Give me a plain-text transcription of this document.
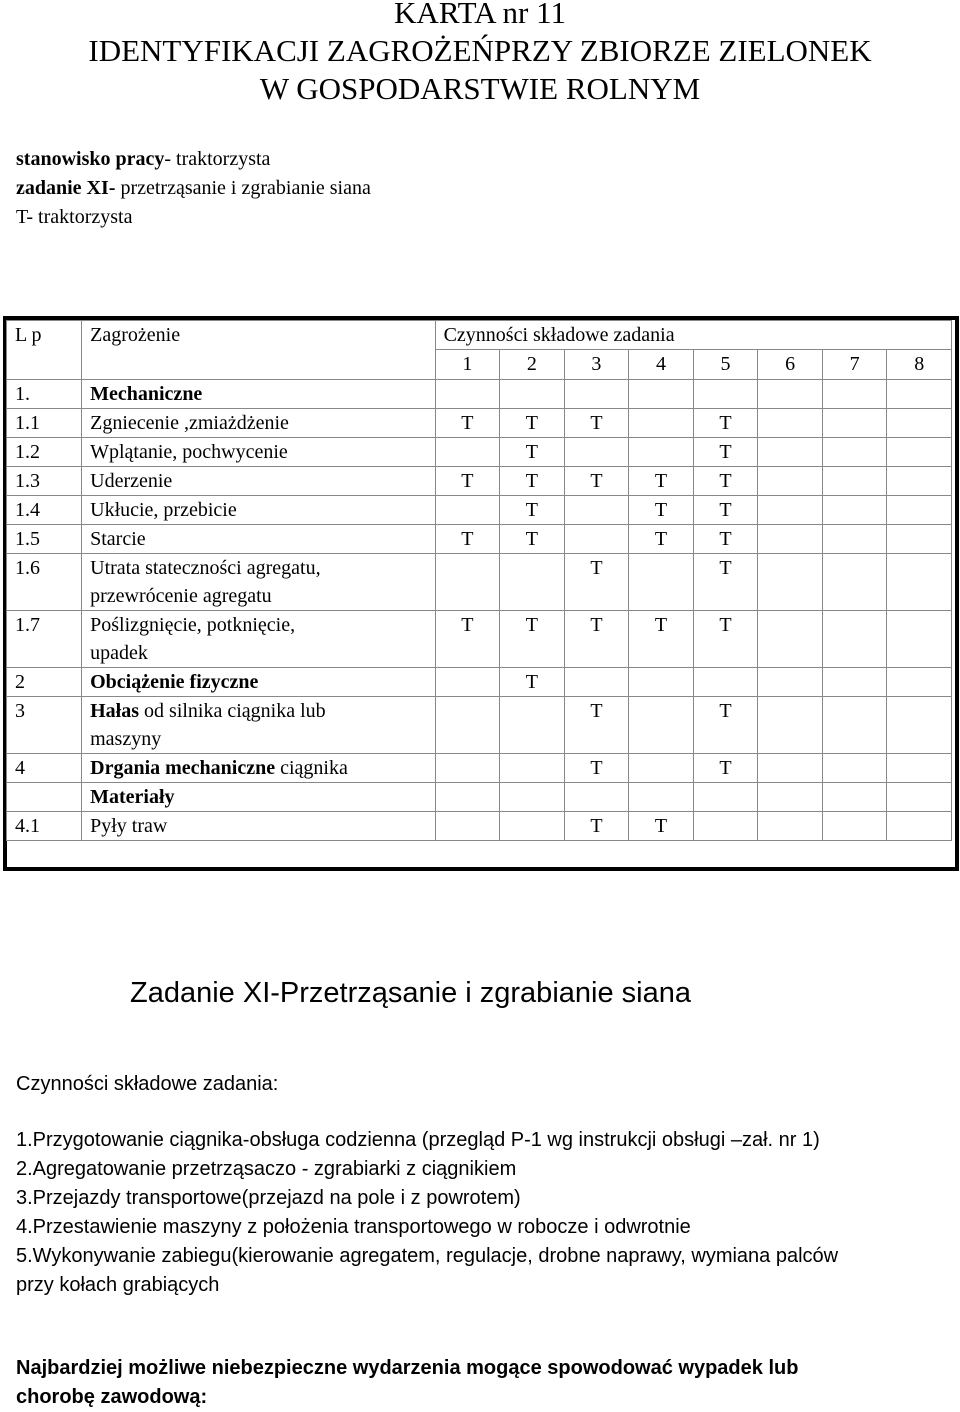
KARTA nr 11
IDENTYFIKACJI ZAGROŻEŃPRZY ZBIORZE ZIELONEK
W GOSPODARSTWIE ROLNYM
stanowisko pracy- traktorzysta
zadanie XI- przetrząsanie i zgrabianie siana
T- traktorzysta
L p	Zagrożenie	Czynności składowe zadania							
		1	2	3	4	5	6	7	8
1.	Mechaniczne								
1.1	Zgniecenie ,zmiażdżenie	T	T	T		T			
1.2	Wplątanie, pochwycenie		T			T			
1.3	Uderzenie	T	T	T	T	T			
1.4	Ukłucie, przebicie		T		T	T			
1.5	Starcie	T	T		T	T			
1.6	Utrata stateczności agregatu,
przewrócenie agregatu			T		T			
1.7	Poślizgnięcie, potknięcie,
upadek	T	T	T	T	T			
2	Obciążenie fizyczne		T						
3	Hałas od silnika ciągnika lub
maszyny			T		T			
4	Drgania mechaniczne ciągnika			T		T			
	Materiały								
4.1	Pyły traw			T	T				
Zadanie XI-Przetrząsanie i zgrabianie siana
Czynności składowe zadania:
1.Przygotowanie ciągnika-obsługa codzienna (przegląd P-1 wg instrukcji obsługi –zał. nr 1)
2.Agregatowanie przetrząsaczo - zgrabiarki z ciągnikiem
3.Przejazdy transportowe(przejazd na pole i z powrotem)
4.Przestawienie maszyny z położenia transportowego w robocze i odwrotnie
5.Wykonywanie zabiegu(kierowanie agregatem, regulacje, drobne naprawy, wymiana palców
przy kołach grabiących
Najbardziej możliwe niebezpieczne wydarzenia mogące spowodować wypadek lub
chorobę zawodową:
